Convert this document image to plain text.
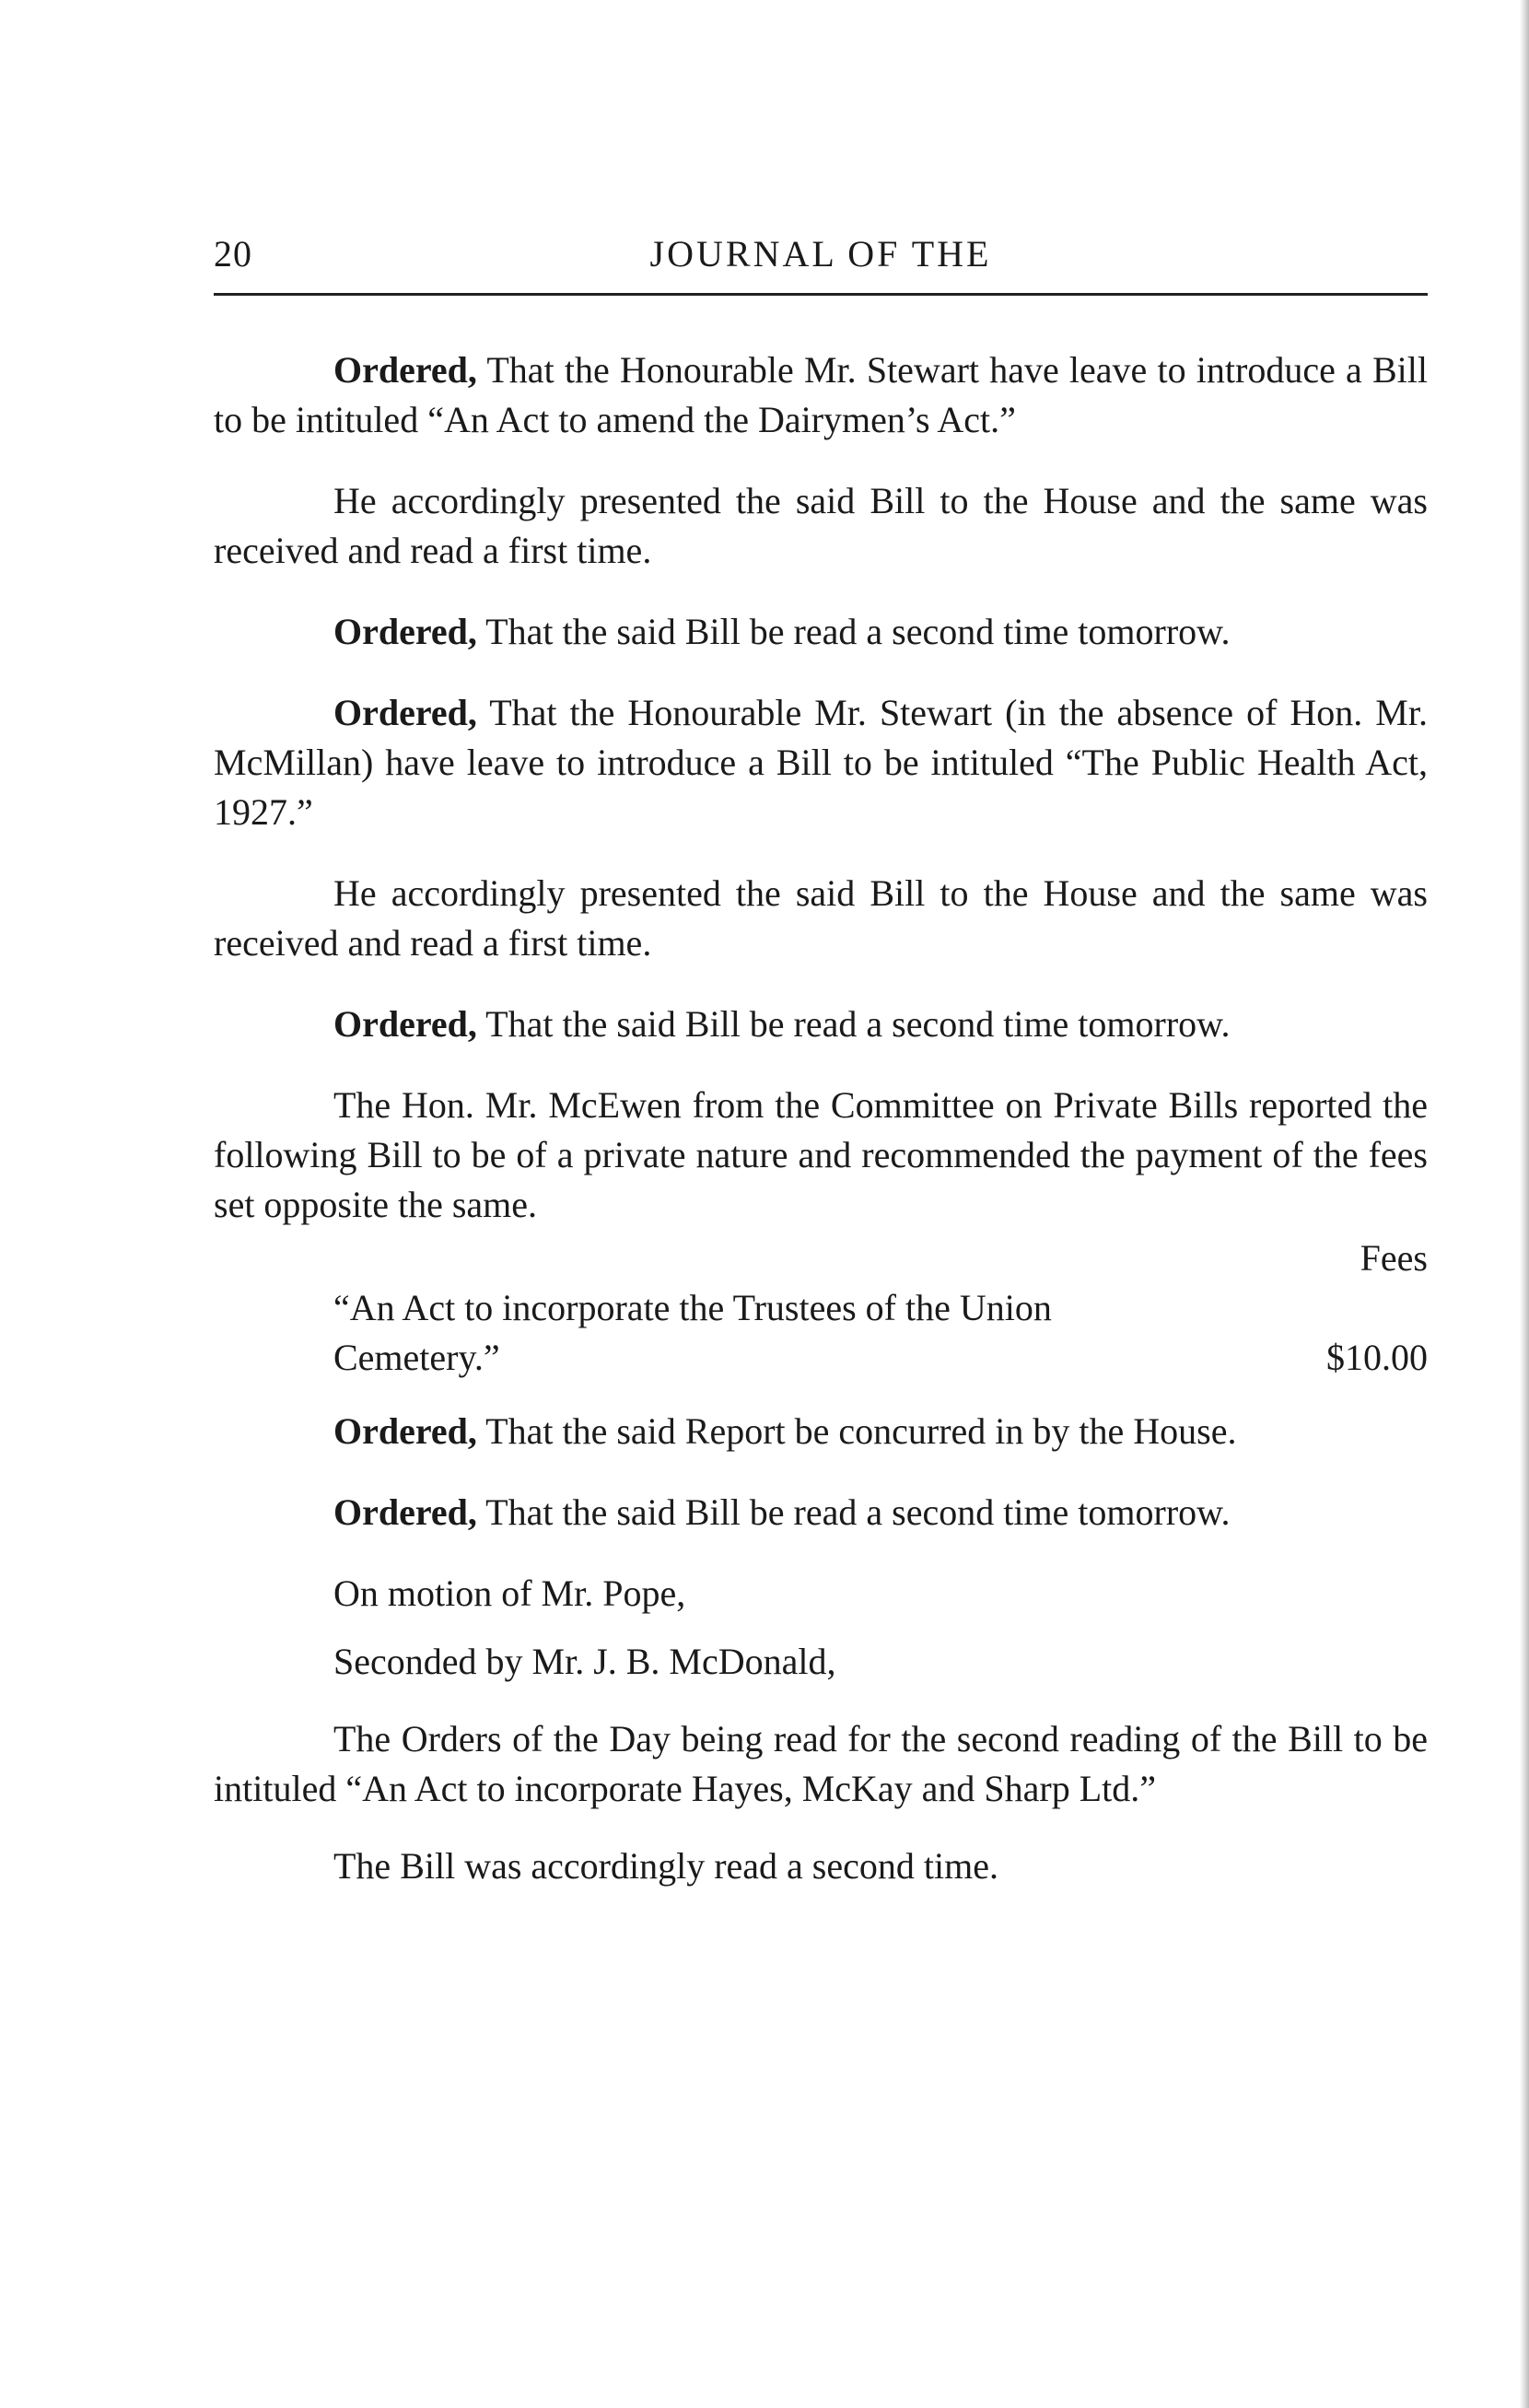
20	JOURNAL OF THE

Ordered, That the Honourable Mr. Stewart have leave to introduce a Bill to be intituled “An Act to amend the Dairymen’s Act.”

He accordingly presented the said Bill to the House and the same was received and read a first time.

Ordered, That the said Bill be read a second time tomorrow.

Ordered, That the Honourable Mr. Stewart (in the absence of Hon. Mr. McMillan) have leave to introduce a Bill to be intituled “The Public Health Act, 1927.”

He accordingly presented the said Bill to the House and the same was received and read a first time.

Ordered, That the said Bill be read a second time tomorrow.

The Hon. Mr. McEwen from the Committee on Private Bills reported the following Bill to be of a private nature and recommended the payment of the fees set opposite the same.

Fees
“An Act to incorporate the Trustees of the Union Cemetery.”	$10.00

Ordered, That the said Report be concurred in by the House.

Ordered, That the said Bill be read a second time tomorrow.

On motion of Mr. Pope,

Seconded by Mr. J. B. McDonald,

The Orders of the Day being read for the second reading of the Bill to be intituled “An Act to incorporate Hayes, McKay and Sharp Ltd.”

The Bill was accordingly read a second time.
